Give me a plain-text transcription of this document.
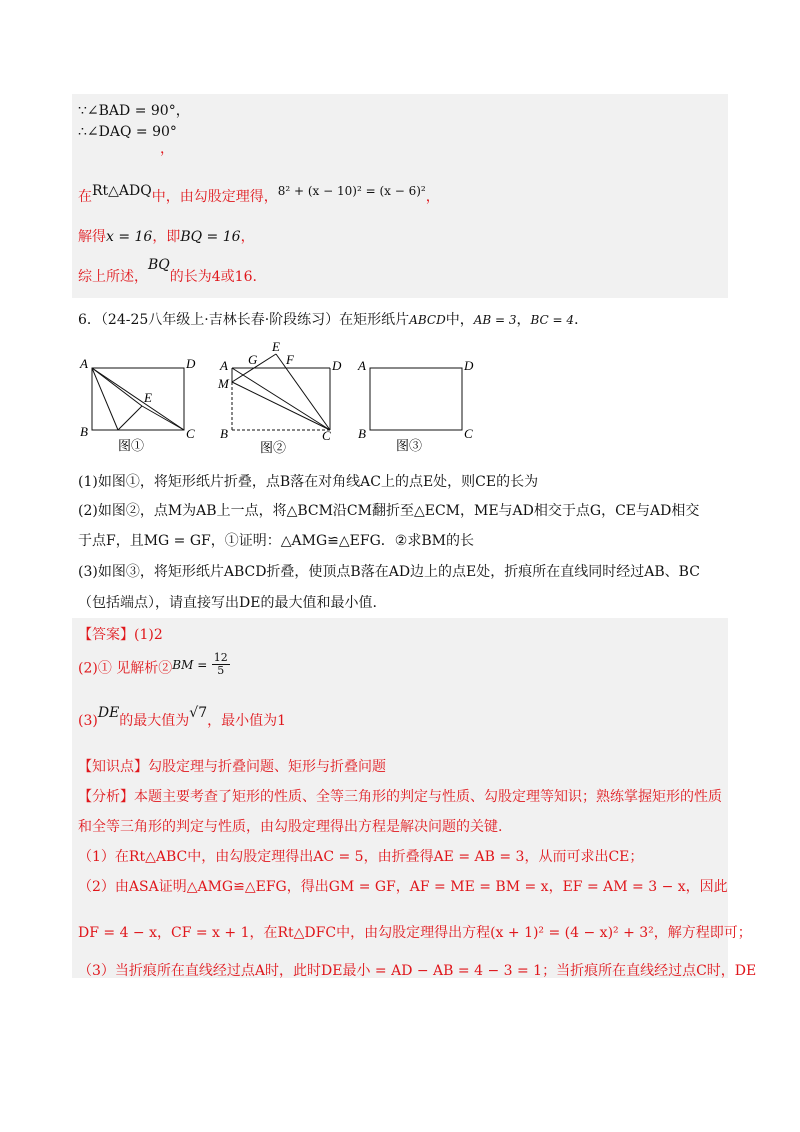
∵∠BAD = 90°，
∴∠DAQ = 90°
，
在Rt△ADQ中，由勾股定理得，8² + (x − 10)² = (x − 6)²，
解得x = 16，即BQ = 16，
综上所述，BQ的长为4或16.
6．（24-25八年级上·吉林长春·阶段练习）在矩形纸片ABCD中，AB = 3，BC = 4．
A	D
B	C
E
图①
E
G F
A
M
D
B	C
图②
A	D
B	C
图③
(1)如图①，将矩形纸片折叠，点B落在对角线AC上的点E处，则CE的长为
(2)如图②，点M为AB上一点，将△BCM沿CM翻折至△ECM，ME与AD相交于点G，CE与AD相交
于点F，且MG = GF，①证明：△AMG≌△EFG．②求BM的长
(3)如图③，将矩形纸片ABCD折叠，使顶点B落在AD边上的点E处，折痕所在直线同时经过AB、BC
（包括端点），请直接写出DE的最大值和最小值.
【答案】(1)2
(2)① 见解析②BM = $\frac{12}{5}$
(3)DE的最大值为√7，最小值为1
【知识点】勾股定理与折叠问题、矩形与折叠问题
【分析】本题主要考查了矩形的性质、全等三角形的判定与性质、勾股定理等知识；熟练掌握矩形的性质
和全等三角形的判定与性质，由勾股定理得出方程是解决问题的关键.
（1）在Rt△ABC中，由勾股定理得出AC = 5，由折叠得AE = AB = 3，从而可求出CE；
（2）由ASA证明△AMG≌△EFG，得出GM = GF，AF = ME = BM = x，EF = AM = 3 − x，因此
DF = 4 − x，CF = x + 1，在Rt△DFC中，由勾股定理得出方程(x + 1)² = (4 − x)² + 3²，解方程即可；
（3）当折痕所在直线经过点A时，此时DE最小 = AD − AB = 4 − 3 = 1；当折痕所在直线经过点C时，DE
